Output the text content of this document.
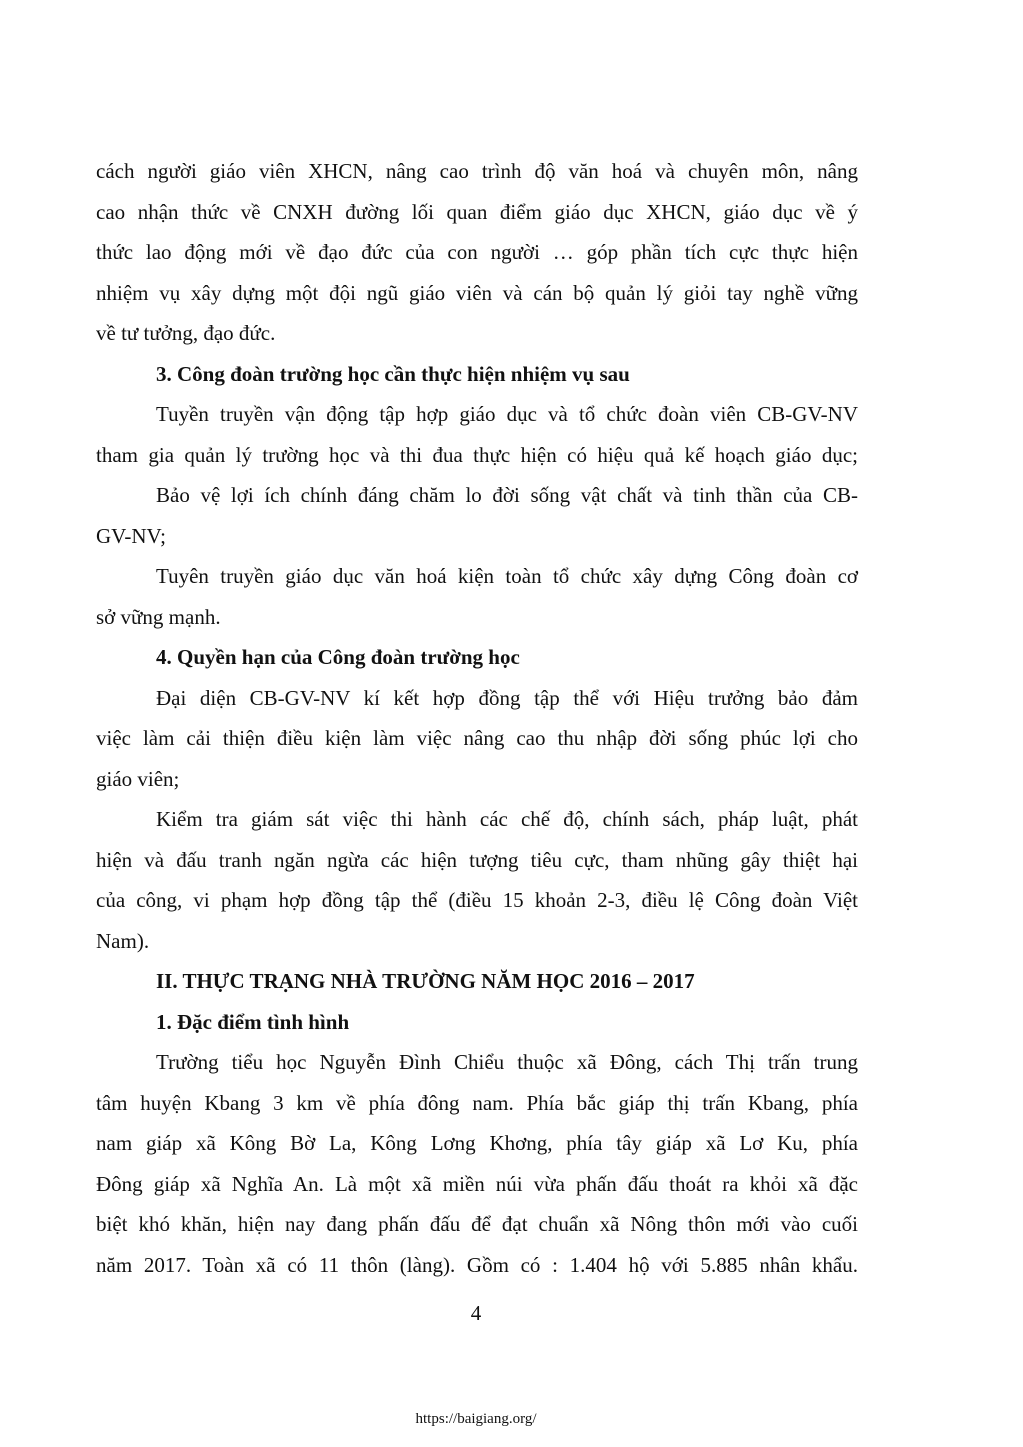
cách người giáo viên XHCN, nâng cao trình độ văn hoá và chuyên môn, nâng
cao nhận thức về CNXH đường lối quan điểm giáo dục XHCN, giáo dục về ý
thức lao động mới về đạo đức của con người … góp phần tích cực thực hiện
nhiệm vụ xây dựng một đội ngũ giáo viên và cán bộ quản lý giỏi tay nghề vững
về tư tưởng, đạo đức.
3. Công đoàn trường học cần thực hiện nhiệm vụ sau
Tuyền truyền vận động tập hợp giáo dục và tổ chức đoàn viên CB-GV-NV
tham gia quản lý trường học và thi đua thực hiện có hiệu quả kế hoạch giáo dục;
Bảo vệ lợi ích chính đáng chăm lo đời sống vật chất và tinh thần của CB-
GV-NV;
Tuyên truyền giáo dục văn hoá kiện toàn tổ chức xây dựng Công đoàn cơ
sở vững mạnh.
4. Quyền hạn của Công đoàn trường học
Đại diện CB-GV-NV kí kết hợp đồng tập thể với Hiệu trưởng bảo đảm
việc làm cải thiện điều kiện làm việc nâng cao thu nhập đời sống phúc lợi cho
giáo viên;
Kiểm tra giám sát việc thi hành các chế độ, chính sách, pháp luật, phát
hiện và đấu tranh ngăn ngừa các hiện tượng tiêu cực, tham nhũng gây thiệt hại
của công, vi phạm hợp đồng tập thể (điều 15 khoản 2-3, điều lệ Công đoàn Việt
Nam).
II. THỰC TRẠNG NHÀ TRƯỜNG NĂM HỌC 2016 – 2017
1. Đặc điểm tình hình
Trường tiểu học Nguyễn Đình Chiểu thuộc xã Đông, cách Thị trấn trung
tâm huyện Kbang 3 km về phía đông nam. Phía bắc giáp thị trấn Kbang, phía
nam giáp xã Kông Bờ La, Kông Lơng Khơng, phía tây giáp xã Lơ Ku, phía
Đông giáp xã Nghĩa An. Là một xã miền núi vừa phấn đấu thoát ra khỏi xã đặc
biệt khó khăn, hiện nay đang phấn đấu để đạt chuẩn xã Nông thôn mới vào cuối
năm 2017. Toàn xã có 11 thôn (làng). Gồm có : 1.404 hộ với 5.885 nhân khẩu.
4
https://baigiang.org/
